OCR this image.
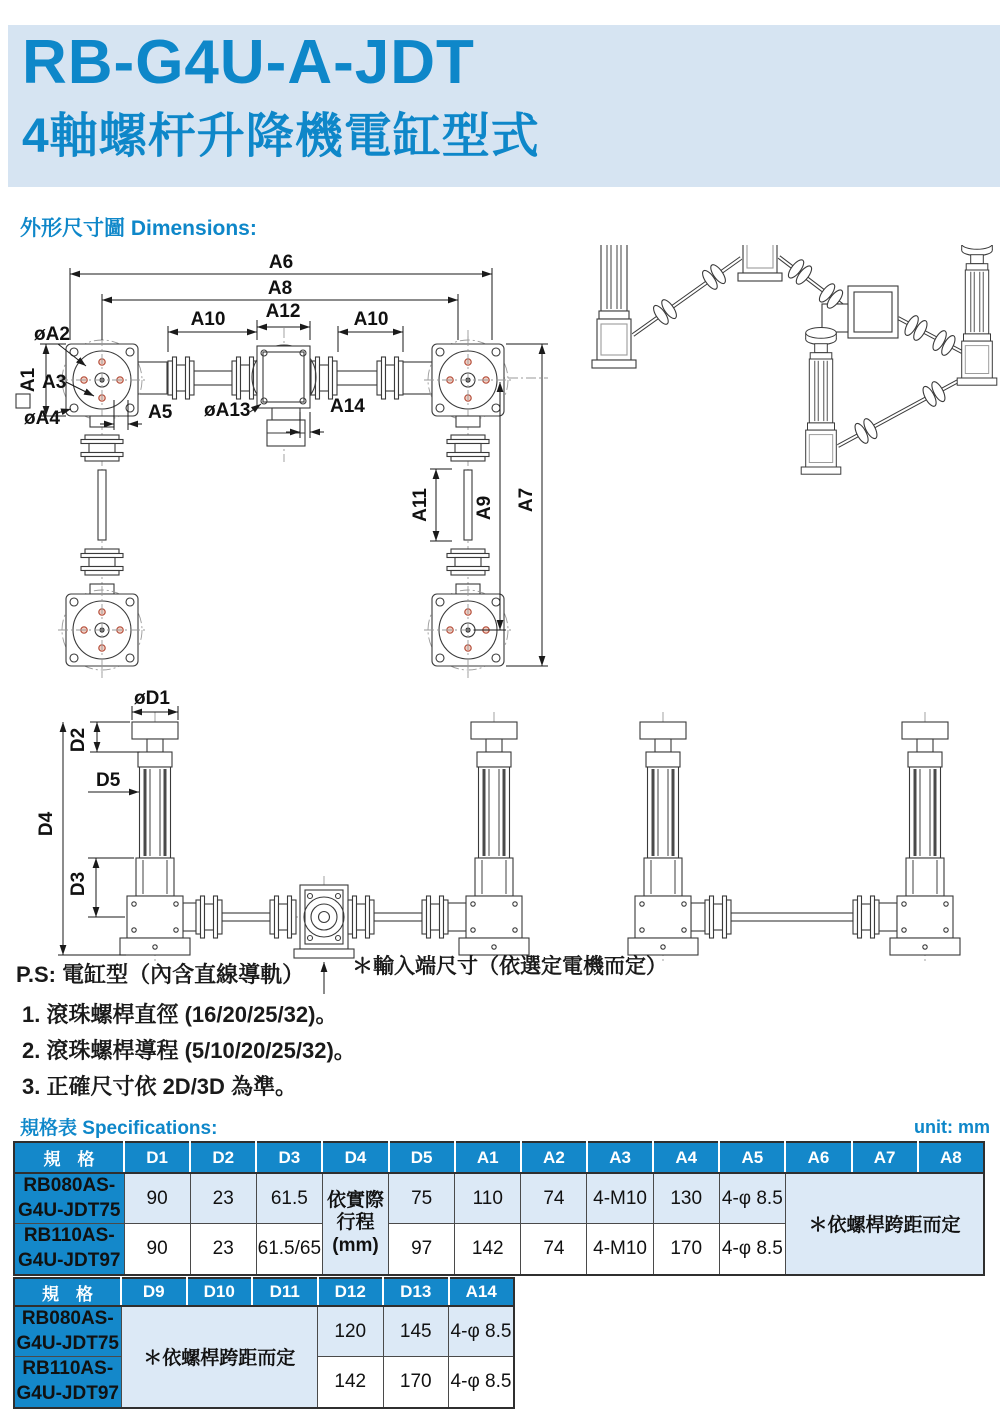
RB-G4U-A-JDT
4軸螺杆升降機電缸型式
外形尺寸圖 Dimensions:
A6
A8
A10 A12	A10
øA2
A1 A3
øA4	A5 øA13	A14
A11 A9 A7
øD1
D2
D5
D4
D3
＊輸入端尺寸（依選定電機而定）
P.S: 電缸型（內含直線導軌）
1. 滾珠螺桿直徑 (16/20/25/32)。
2. 滾珠螺桿導程 (5/10/20/25/32)。
3. 正確尺寸依 2D/3D 為準。
規格表 Specifications:	unit: mm
規　格	D1	D2	D3	D4	D5	A1	A2	A3	A4	A5	A6	A7	A8

RB080AS-
G4U-JDT75
	90	23	61.5	依實際
行程
(mm)
	75	110	74	4-M10	130	4-φ 8.5	＊依螺桿跨距而定

RB110AS-
G4U-JDT97	90	23	61.5/65		97	142	74	4-M10	170	4-φ 8.5			
規　格	D9	D10	D11	D12	D13	A14

RB080AS-
G4U-JDT75	＊依螺桿跨距而定			120	145	4-φ 8.5

RB110AS-
G4U-JDT97				142	170	4-φ 8.5
